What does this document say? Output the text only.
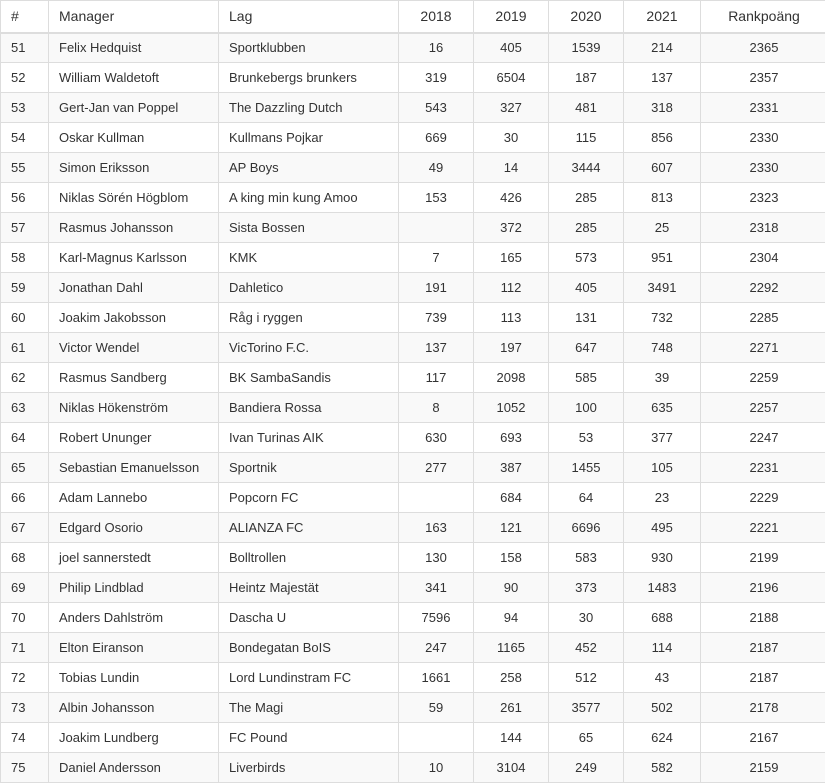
#	Manager	Lag	2018	2019	2020	2021	Rankpoäng
51	Felix Hedquist	Sportklubben	16	405	1539	214	2365
52	William Waldetoft	Brunkebergs brunkers	319	6504	187	137	2357
53	Gert-Jan van Poppel	The Dazzling Dutch	543	327	481	318	2331
54	Oskar Kullman	Kullmans Pojkar	669	30	115	856	2330
55	Simon Eriksson	AP Boys	49	14	3444	607	2330
56	Niklas Sörén Högblom	A king min kung Amoo	153	426	285	813	2323
57	Rasmus Johansson	Sista Bossen		372	285	25	2318
58	Karl-Magnus Karlsson	KMK	7	165	573	951	2304
59	Jonathan Dahl	Dahletico	191	112	405	3491	2292
60	Joakim Jakobsson	Råg i ryggen	739	113	131	732	2285
61	Victor Wendel	VicTorino F.C.	137	197	647	748	2271
62	Rasmus Sandberg	BK SambaSandis	117	2098	585	39	2259
63	Niklas Hökenström	Bandiera Rossa	8	1052	100	635	2257
64	Robert Ununger	Ivan Turinas AIK	630	693	53	377	2247
65	Sebastian Emanuelsson	Sportnik	277	387	1455	105	2231
66	Adam Lannebo	Popcorn FC		684	64	23	2229
67	Edgard Osorio	ALIANZA FC	163	121	6696	495	2221
68	joel sannerstedt	Bolltrollen	130	158	583	930	2199
69	Philip Lindblad	Heintz Majestät	341	90	373	1483	2196
70	Anders Dahlström	Dascha U	7596	94	30	688	2188
71	Elton Eiranson	Bondegatan BoIS	247	1165	452	114	2187
72	Tobias Lundin	Lord Lundinstram FC	1661	258	512	43	2187
73	Albin Johansson	The Magi	59	261	3577	502	2178
74	Joakim Lundberg	FC Pound		144	65	624	2167
75	Daniel Andersson	Liverbirds	10	3104	249	582	2159
